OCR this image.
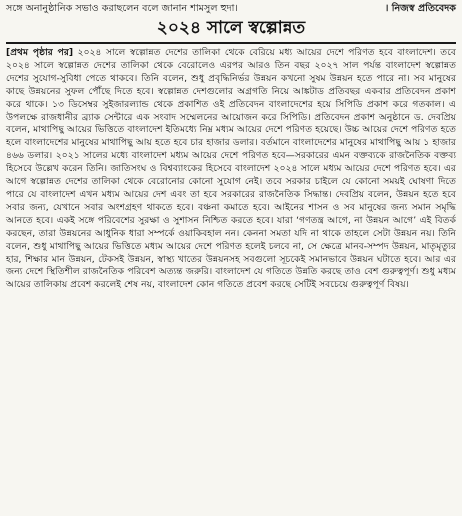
সঙ্গে অনানুষ্ঠানিক সভাও করাছলেন বলে জানান শামসুল হুদা।	। নিজস্ব প্রতিবেদক
২০২৪ সালে স্বল্পোন্নত

[প্রথম পৃষ্ঠার পর] ২০২৪ সালে স্বল্পোন্নত দেশের তালিকা থেকে বেরিয়ে মধ্য আয়ের দেশে পরিণত হবে বাংলাদেশ। তবে ২০২৪ সালে স্বল্পোন্নত দেশের তালিকা থেকে বেরোলেও এরপর আরও তিন বছর ২০২৭ সাল পর্যন্ত বাংলাদেশ স্বল্পোন্নত দেশের সুযোগ-সুবিধা পেতে থাকবে। তিনি বলেন, শুধু প্রবৃদ্ধিনির্ভর উন্নয়ন কখনো সুষম উন্নয়ন হতে পারে না। সব মানুষের কাছে উন্নয়নের সুফল পৌঁছে দিতে হবে। স্বল্পোন্নত দেশগুলোর অগ্রগতি নিয়ে আঙ্কটাড প্রতিবছর একবার প্রতিবেদন প্রকাশ করে থাকে। ১৩ ডিসেম্বর সুইজারল্যান্ড থেকে প্রকাশিত ওই প্রতিবেদন বাংলাদেশের হয়ে সিপিডি প্রকাশ করে গতকাল। এ উপলক্ষে রাজধানীর ব্র্যাক সেন্টারে এক সংবাদ সম্মেলনের আয়োজন করে সিপিডি। প্রতিবেদন প্রকাশ অনুষ্ঠানে ড. দেবপ্রিয় বলেন, মাথাপিছু আয়ের ভিত্তিতে বাংলাদেশ ইতিমধ্যে নিম্ন মধ্যম আয়ের দেশে পরিণত হয়েছে। উচ্চ আয়ের দেশে পরিণত হতে হলে বাংলাদেশের মানুষের মাথাপিছু আয় হতে হবে চার হাজার ডলার। বর্তমানে বাংলাদেশের মানুষের মাথাপিছু আয় ১ হাজার ৪৬৬ ডলার। ২০২১ সালের মধ্যে বাংলাদেশ মধ্যম আয়ের দেশে পরিণত হবে—সরকারের এমন বক্তব্যকে রাজনৈতিক বক্তব্য হিসেবে উল্লেখ করেন তিনি। জাতিসংঘ ও বিশ্বব্যাংকের হিসেবে বাংলাদেশ ২০২৪ সালে মধ্যম আয়ের দেশে পরিণত হবে। এর আগে স্বল্পোন্নত দেশের তালিকা থেকে বেরোনোর কোনো সুযোগ নেই। তবে সরকার চাইলে যে কোনো সময়ই ঘোষণা দিতে পারে যে বাংলাদেশ এখন মধ্যম আয়ের দেশ এবং তা হবে সরকারের রাজনৈতিক সিদ্ধান্ত। দেবপ্রিয় বলেন, উন্নয়ন হতে হবে সবার জন্য, যেখানে সবার অংশগ্রহণ থাকতে হবে। বঞ্চনা কমাতে হবে। আইনের শাসন ও সব মানুষের জন্য সমান সমৃদ্ধি আনতে হবে। একই সঙ্গে পরিবেশের সুরক্ষা ও সুশাসন নিশ্চিত করতে হবে। যারা ‘গণতন্ত্র আগে, না উন্নয়ন আগে’ এই বিতর্ক করছেন, তারা উন্নয়নের আধুনিক ধারা সম্পর্কে ওয়াকিবহাল নন। কেননা সমতা যদি না থাকে তাহলে সেটা উন্নয়ন নয়। তিনি বলেন, শুধু মাথাপিছু আয়ের ভিত্তিতে মধ্যম আয়ের দেশে পরিণত হলেই চলবে না, সে ক্ষেত্রে মানব-সম্পদ উন্নয়ন, মাতৃমৃত্যুর হার, শিক্ষার মান উন্নয়ন, টেকসই উন্নয়ন, স্বাস্থ্য খাতের উন্নয়নসহ সবগুলো সূচকেই সমানভাবে উন্নয়ন ঘটাতে হবে। আর এর জন্য দেশে স্থিতিশীল রাজনৈতিক পরিবেশ অত্যন্ত জরুরি। বাংলাদেশ যে গতিতে উন্নতি করছে তাও বেশ গুরুত্বপূর্ণ। শুধু মধ্যম আয়ের তালিকায় প্রবেশ করলেই শেষ নয়, বাংলাদেশ কোন গতিতে প্রবেশ করছে সেটিই সবচেয়ে গুরুত্বপূর্ণ বিষয়।
